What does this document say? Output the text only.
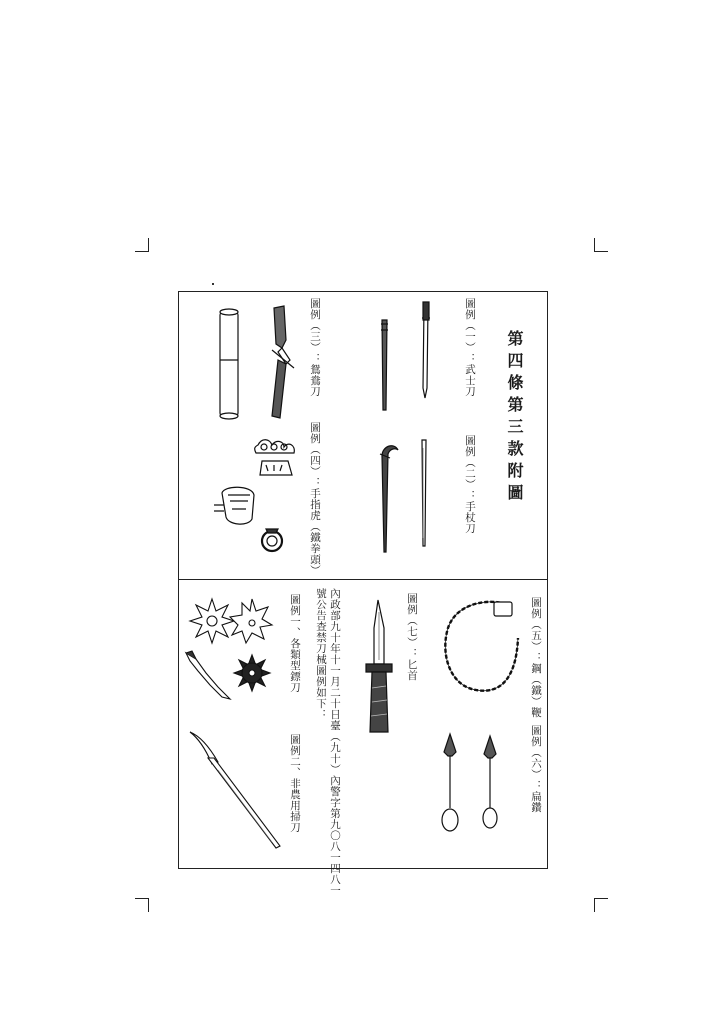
第四條第三款附圖
圖例（一）：武士刀
圖例（二）：手杖刀
圖例（三）：鴛鴦刀
圖例（四）：手指虎（鐵拳頭）
圖例（五）：鋼（鐵）鞭
圖例（六）：扁鑽
圖例（七）：匕首
內政部九十年十一月二十日臺（九十）內警字第九〇八一四八一
號公告查禁刀械圖例如下：
圖例一、各類型鏢刀
圖例二、非農用掃刀
